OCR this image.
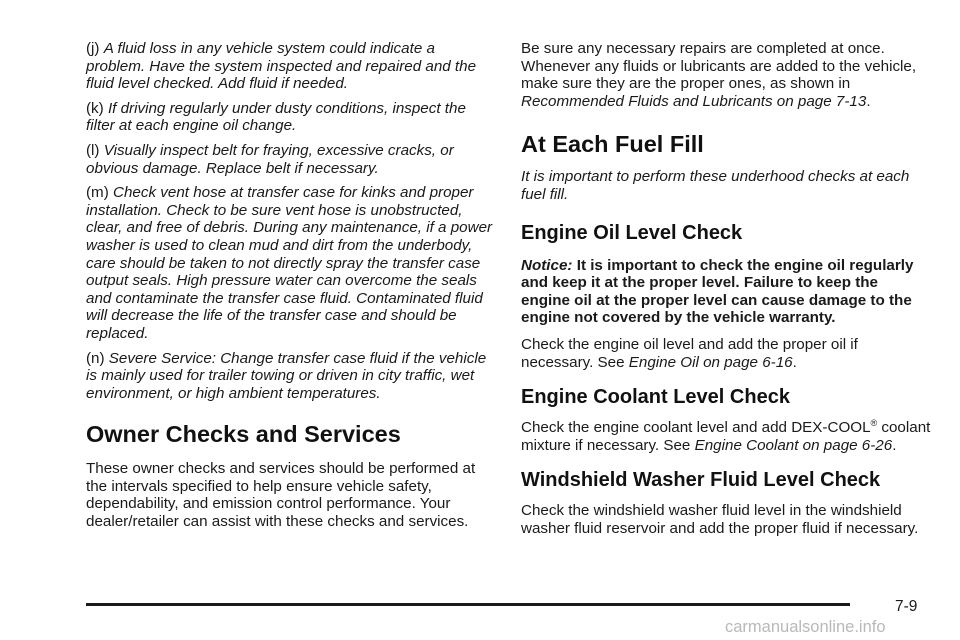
(j) A fluid loss in any vehicle system could indicate a problem. Have the system inspected and repaired and the fluid level checked. Add fluid if needed.

(k) If driving regularly under dusty conditions, inspect the filter at each engine oil change.

(l) Visually inspect belt for fraying, excessive cracks, or obvious damage. Replace belt if necessary.

(m) Check vent hose at transfer case for kinks and proper installation. Check to be sure vent hose is unobstructed, clear, and free of debris. During any maintenance, if a power washer is used to clean mud and dirt from the underbody, care should be taken to not directly spray the transfer case output seals. High pressure water can overcome the seals and contaminate the transfer case fluid. Contaminated fluid will decrease the life of the transfer case and should be replaced.

(n) Severe Service: Change transfer case fluid if the vehicle is mainly used for trailer towing or driven in city traffic, wet environment, or high ambient temperatures.

Owner Checks and Services

These owner checks and services should be performed at the intervals specified to help ensure vehicle safety, dependability, and emission control performance. Your dealer/retailer can assist with these checks and services.

Be sure any necessary repairs are completed at once. Whenever any fluids or lubricants are added to the vehicle, make sure they are the proper ones, as shown in Recommended Fluids and Lubricants on page 7-13.

At Each Fuel Fill

It is important to perform these underhood checks at each fuel fill.

Engine Oil Level Check

Notice: It is important to check the engine oil regularly and keep it at the proper level. Failure to keep the engine oil at the proper level can cause damage to the engine not covered by the vehicle warranty.

Check the engine oil level and add the proper oil if necessary. See Engine Oil on page 6-16.

Engine Coolant Level Check

Check the engine coolant level and add DEX-COOL® coolant mixture if necessary. See Engine Coolant on page 6-26.

Windshield Washer Fluid Level Check

Check the windshield washer fluid level in the windshield washer fluid reservoir and add the proper fluid if necessary.

7-9
carmanualsonline.info
